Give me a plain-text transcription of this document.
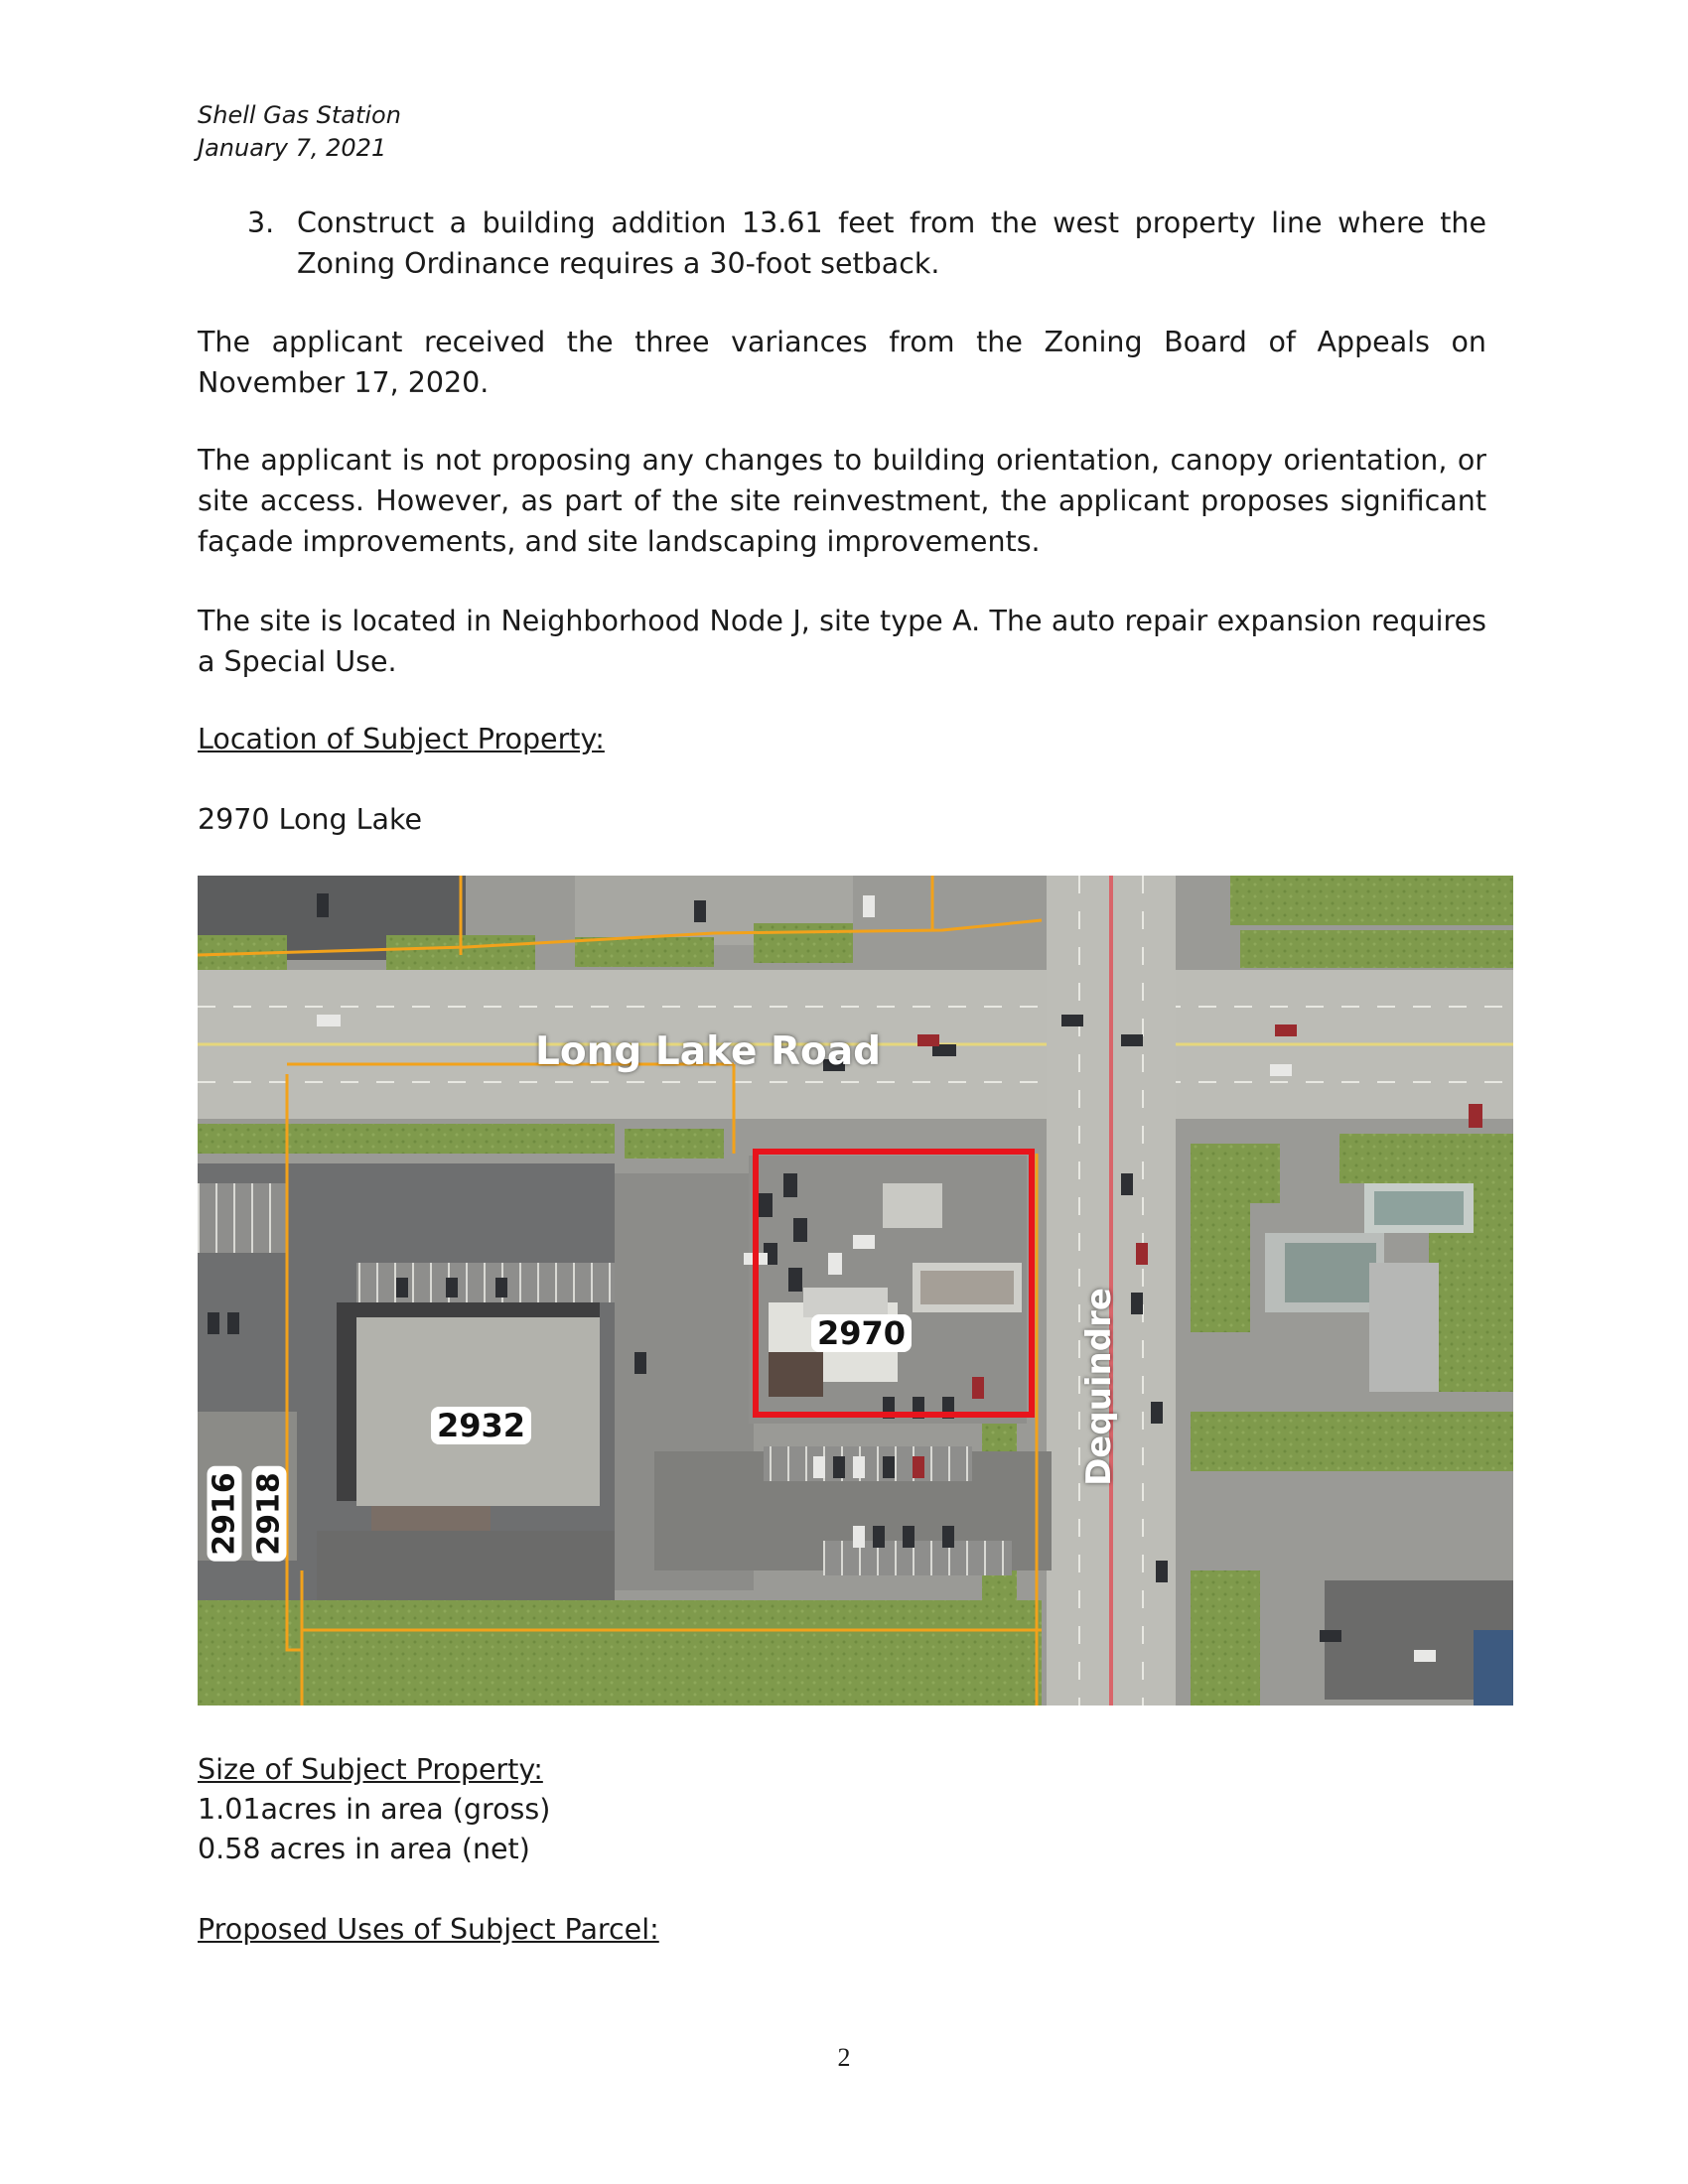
Shell Gas Station
January 7, 2021
3. Construct a building addition 13.61 feet from the west property line where the Zoning Ordinance requires a 30-foot setback.
The applicant received the three variances from the Zoning Board of Appeals on November 17, 2020.
The applicant is not proposing any changes to building orientation, canopy orientation, or site access. However, as part of the site reinvestment, the applicant proposes significant façade improvements, and site landscaping improvements.
The site is located in Neighborhood Node J, site type A. The auto repair expansion requires a Special Use.
Location of Subject Property:
2970 Long Lake
Long Lake Road
Dequindre
2970
2932
2916 2918
Size of Subject Property:
1.01acres in area (gross)
0.58 acres in area (net)
Proposed Uses of Subject Parcel:
2
